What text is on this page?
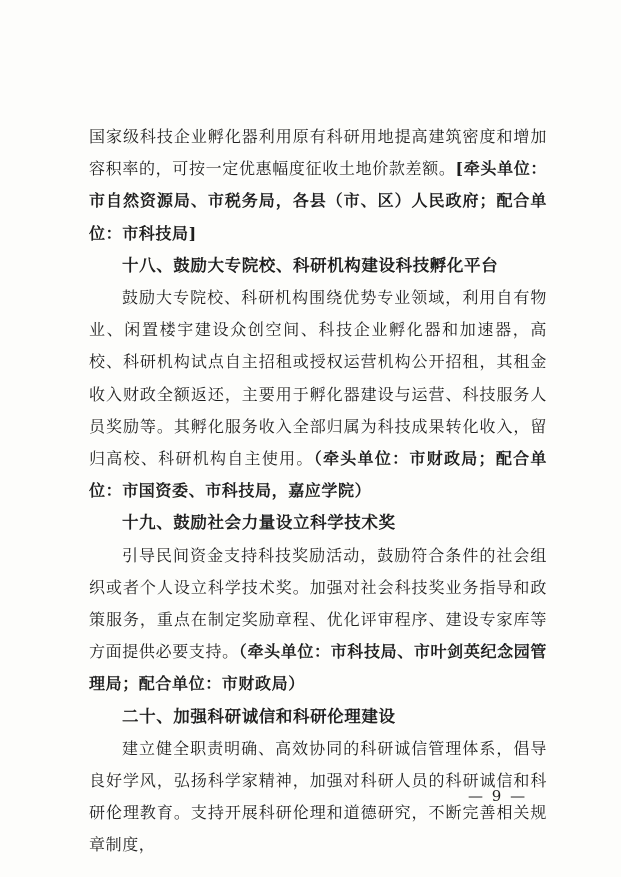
国家级科技企业孵化器利用原有科研用地提高建筑密度和增加容积率的，可按一定优惠幅度征收土地价款差额。[牵头单位：市自然资源局、市税务局，各县（市、区）人民政府；配合单位：市科技局]

十八、鼓励大专院校、科研机构建设科技孵化平台

鼓励大专院校、科研机构围绕优势专业领域，利用自有物业、闲置楼宇建设众创空间、科技企业孵化器和加速器，高校、科研机构试点自主招租或授权运营机构公开招租，其租金收入财政全额返还，主要用于孵化器建设与运营、科技服务人员奖励等。其孵化服务收入全部归属为科技成果转化收入，留归高校、科研机构自主使用。（牵头单位：市财政局；配合单位：市国资委、市科技局，嘉应学院）

十九、鼓励社会力量设立科学技术奖

引导民间资金支持科技奖励活动，鼓励符合条件的社会组织或者个人设立科学技术奖。加强对社会科技奖业务指导和政策服务，重点在制定奖励章程、优化评审程序、建设专家库等方面提供必要支持。（牵头单位：市科技局、市叶剑英纪念园管理局；配合单位：市财政局）

二十、加强科研诚信和科研伦理建设

建立健全职责明确、高效协同的科研诚信管理体系，倡导良好学风，弘扬科学家精神，加强对科研人员的科研诚信和科研伦理教育。支持开展科研伦理和道德研究，不断完善相关规章制度，

— 9 —
